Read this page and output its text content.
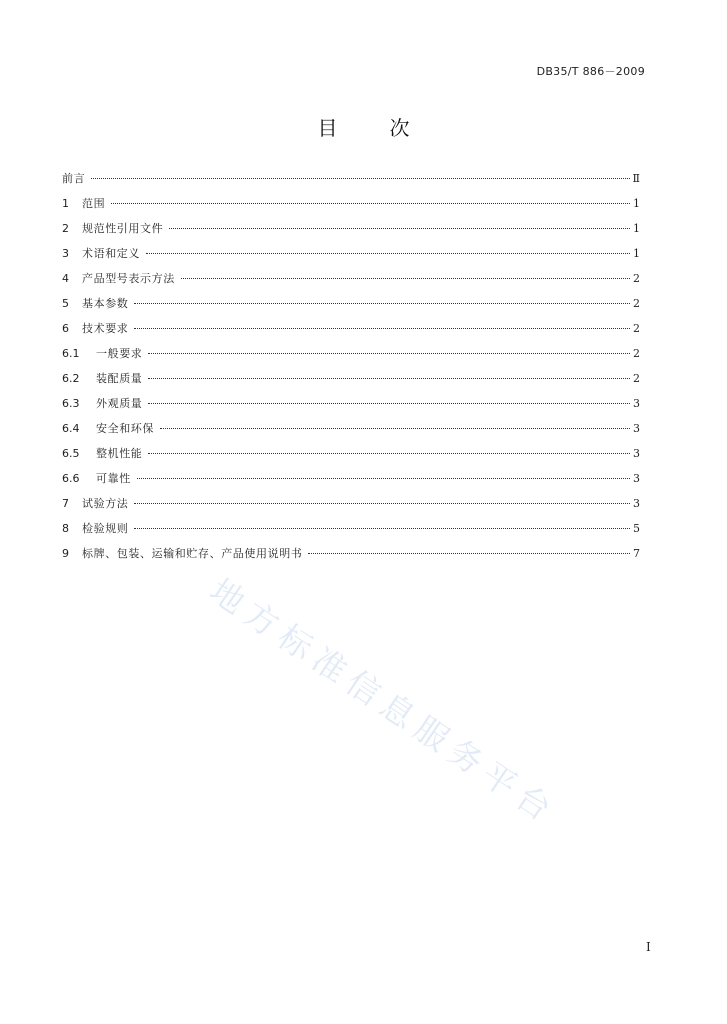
DB35/T 886－2009
目次
前言	Ⅱ
1	范围	1
2	规范性引用文件	1
3	术语和定义	1
4	产品型号表示方法	2
5	基本参数	2
6	技术要求	2
6.1	一般要求	2
6.2	装配质量	2
6.3	外观质量	3
6.4	安全和环保	3
6.5	整机性能	3
6.6	可靠性	3
7	试验方法	3
8	检验规则	5
9	标牌、包装、运输和贮存、产品使用说明书	7
地方标准信息服务平台
I
